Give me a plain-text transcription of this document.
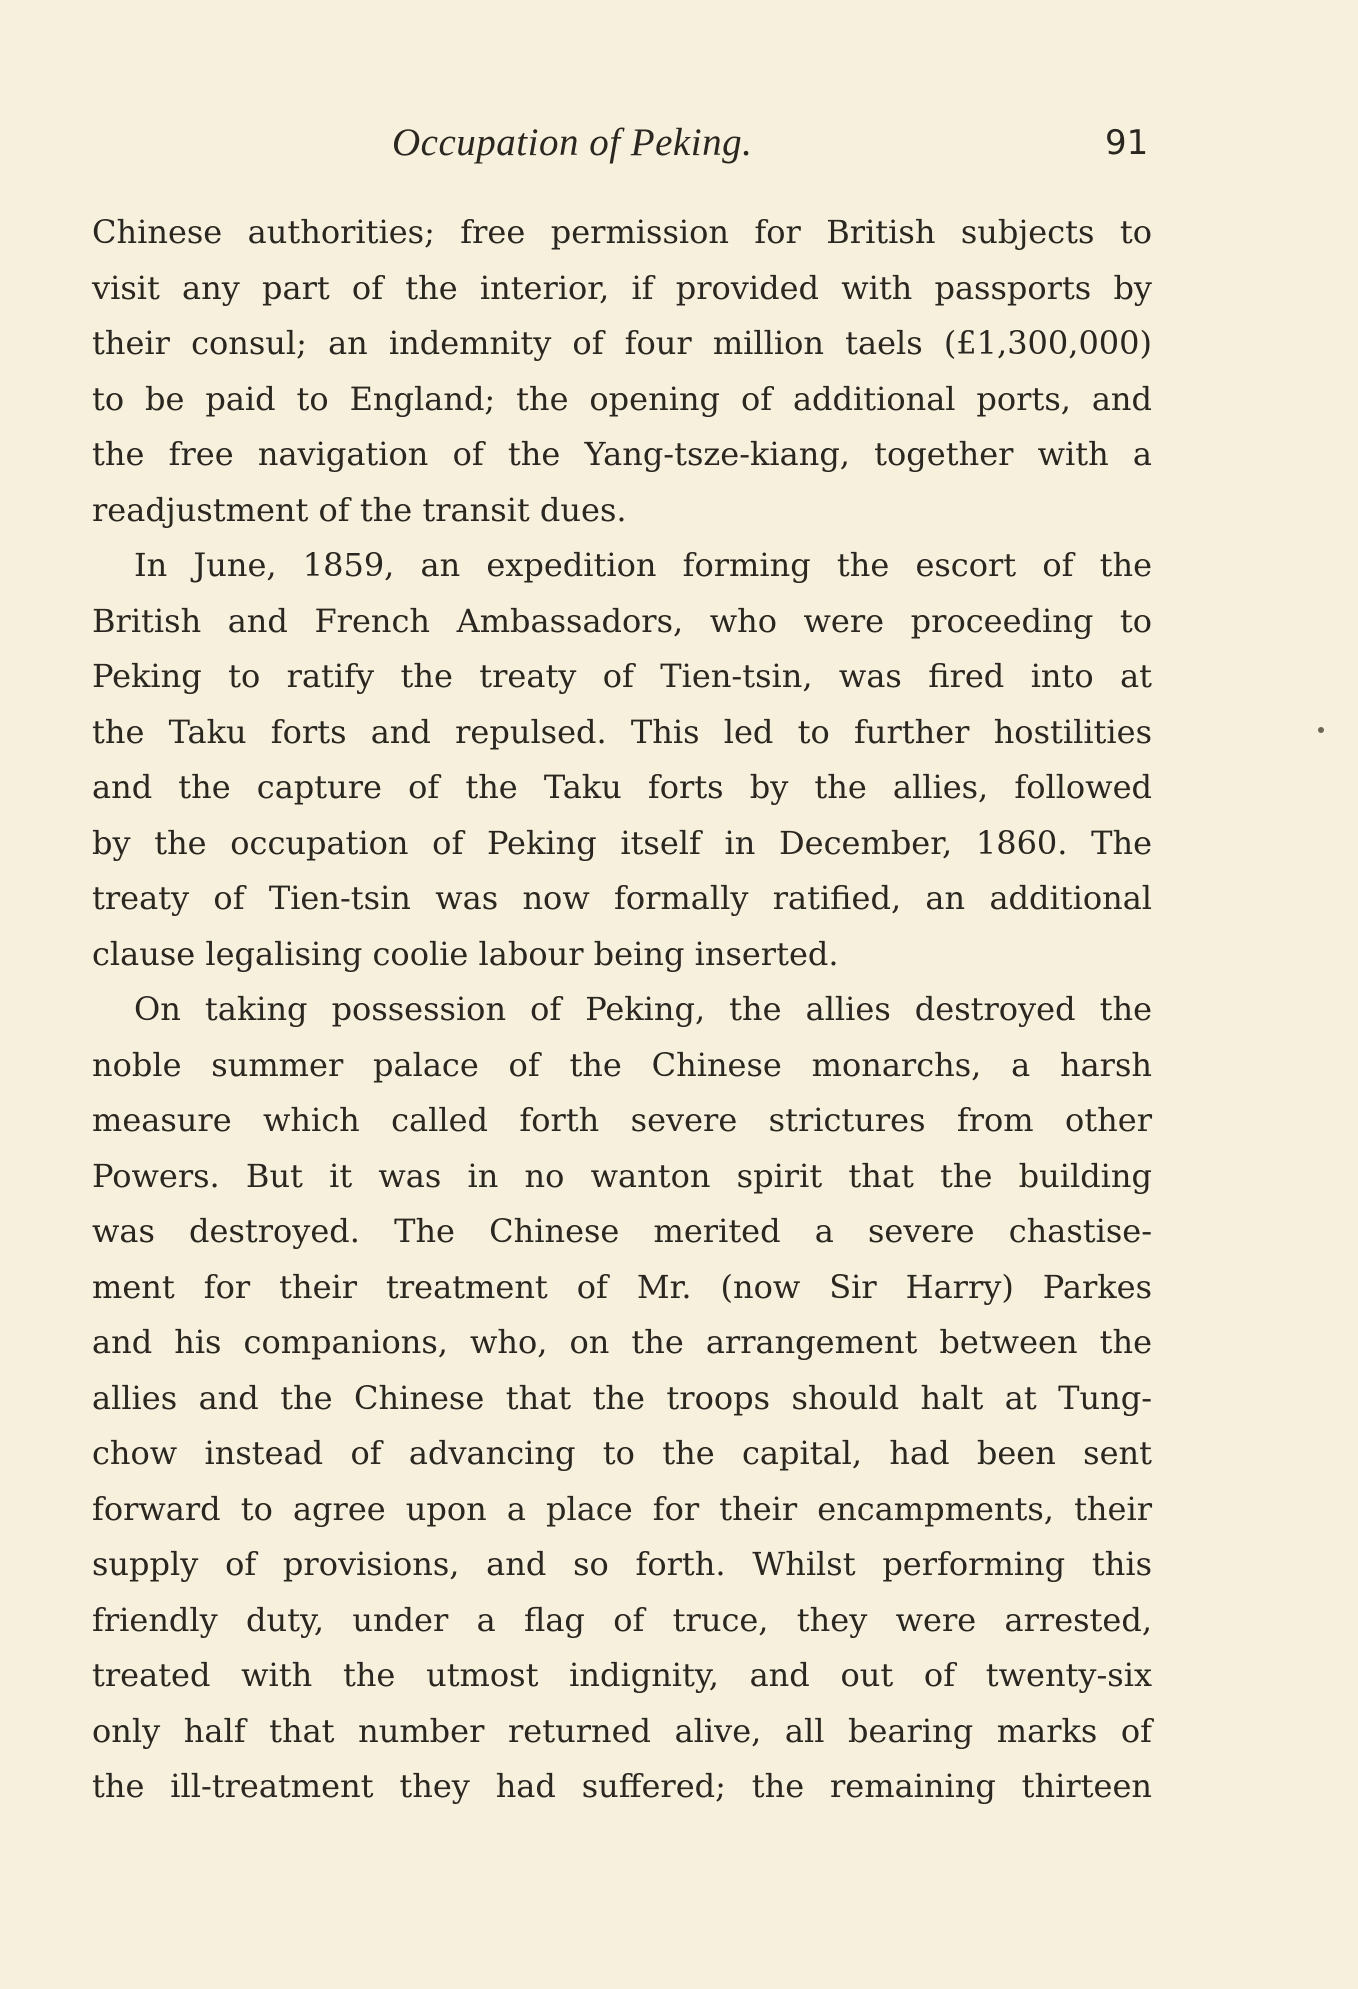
Occupation of Peking.	91
Chinese authorities; free permission for British subjects to
visit any part of the interior, if provided with passports by
their consul; an indemnity of four million taels (£1,300,000)
to be paid to England; the opening of additional ports, and
the free navigation of the Yang-tsze-kiang, together with a
readjustment of the transit dues.
In June, 1859, an expedition forming the escort of the
British and French Ambassadors, who were proceeding to
Peking to ratify the treaty of Tien-tsin, was fired into at
the Taku forts and repulsed. This led to further hostilities
and the capture of the Taku forts by the allies, followed
by the occupation of Peking itself in December, 1860. The
treaty of Tien-tsin was now formally ratified, an additional
clause legalising coolie labour being inserted.
On taking possession of Peking, the allies destroyed the
noble summer palace of the Chinese monarchs, a harsh
measure which called forth severe strictures from other
Powers. But it was in no wanton spirit that the building
was destroyed. The Chinese merited a severe chastise-
ment for their treatment of Mr. (now Sir Harry) Parkes
and his companions, who, on the arrangement between the
allies and the Chinese that the troops should halt at Tung-
chow instead of advancing to the capital, had been sent
forward to agree upon a place for their encampments, their
supply of provisions, and so forth. Whilst performing this
friendly duty, under a flag of truce, they were arrested,
treated with the utmost indignity, and out of twenty-six
only half that number returned alive, all bearing marks of
the ill-treatment they had suffered; the remaining thirteen
